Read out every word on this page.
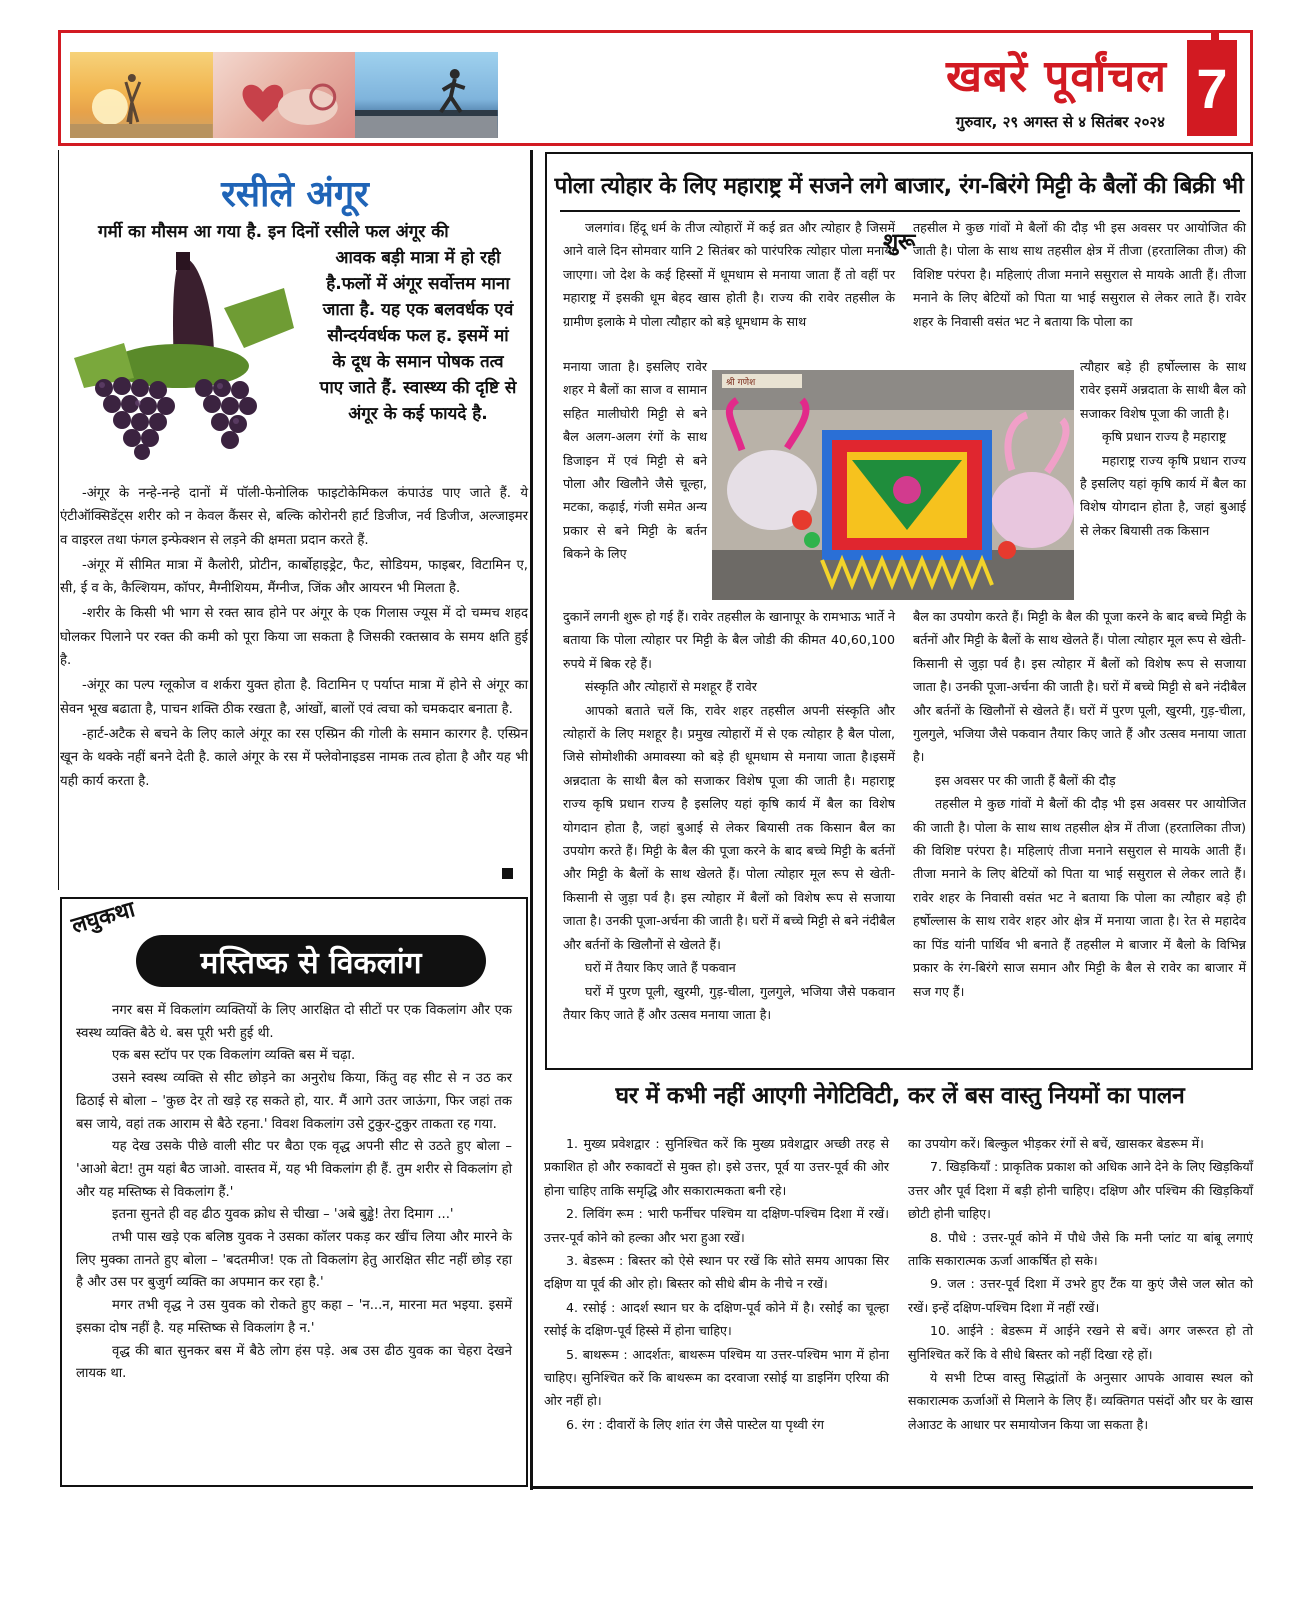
खबरें पूर्वांचल
गुरुवार, २९ अगस्त से ४ सितंबर २०२४
7
रसीले अंगूर
गर्मी का मौसम आ गया है. इन दिनों रसीले फल अंगूर की
आवक बड़ी मात्रा में हो रही है.फलों में अंगूर सर्वोत्तम माना जाता है. यह एक बलवर्धक एवं सौन्दर्यवर्धक फल ह. इसमें मां के दूध के समान पोषक तत्व पाए जाते हैं. स्वास्थ्य की दृष्टि से अंगूर के कई फायदे है.

-अंगूर के नन्हे-नन्हे दानों में पॉली-फेनोलिक फाइटोकेमिकल कंपाउंड पाए जाते हैं. ये एंटीऑक्सिडेंट्स शरीर को न केवल कैंसर से, बल्कि कोरोनरी हार्ट डिजीज, नर्व डिजीज, अल्जाइमर व वाइरल तथा फंगल इन्फेक्शन से लड़ने की क्षमता प्रदान करते हैं.

-अंगूर में सीमित मात्रा में कैलोरी, प्रोटीन, कार्बोहाइड्रेट, फैट, सोडियम, फाइबर, विटामिन ए, सी, ई व के, कैल्शियम, कॉपर, मैग्नीशियम, मैंग्नीज, जिंक और आयरन भी मिलता है.

-शरीर के किसी भी भाग से रक्त स्राव होने पर अंगूर के एक गिलास ज्यूस में दो चम्मच शहद घोलकर पिलाने पर रक्त की कमी को पूरा किया जा सकता है जिसकी रक्तस्राव के समय क्षति हुई है.

-अंगूर का पल्प ग्लूकोज व शर्करा युक्त होता है. विटामिन ए पर्याप्त मात्रा में होने से अंगूर का सेवन भूख बढाता है, पाचन शक्ति ठीक रखता है, आंखों, बालों एवं त्वचा को चमकदार बनाता है.

-हार्ट-अटैक से बचने के लिए काले अंगूर का रस एस्प्रिन की गोली के समान कारगर है. एस्प्रिन खून के थक्के नहीं बनने देती है. काले अंगूर के रस में फ्लेवोनाइडस नामक तत्व होता है और यह भी यही कार्य करता है.

लघुकथा
मस्तिष्क से विकलांग

नगर बस में विकलांग व्यक्तियों के लिए आरक्षित दो सीटों पर एक विकलांग और एक स्वस्थ व्यक्ति बैठे थे. बस पूरी भरी हुई थी.

एक बस स्टॉप पर एक विकलांग व्यक्ति बस में चढ़ा.

उसने स्वस्थ व्यक्ति से सीट छोड़ने का अनुरोध किया, किंतु वह सीट से न उठ कर ढिठाई से बोला – 'कुछ देर तो खड़े रह सकते हो, यार. मैं आगे उतर जाऊंगा, फिर जहां तक बस जाये, वहां तक आराम से बैठे रहना.' विवश विकलांग उसे टुकुर-टुकुर ताकता रह गया.

यह देख उसके पीछे वाली सीट पर बैठा एक वृद्ध अपनी सीट से उठते हुए बोला – 'आओ बेटा! तुम यहां बैठ जाओ. वास्तव में, यह भी विकलांग ही हैं. तुम शरीर से विकलांग हो और यह मस्तिष्क से विकलांग हैं.'

इतना सुनते ही वह ढीठ युवक क्रोध से चीखा – 'अबे बुड्ढे! तेरा दिमाग ...'

तभी पास खड़े एक बलिष्ठ युवक ने उसका कॉलर पकड़ कर खींच लिया और मारने के लिए मुक्का तानते हुए बोला – 'बदतमीज! एक तो विकलांग हेतु आरक्षित सीट नहीं छोड़ रहा है और उस पर बुजुर्ग व्यक्ति का अपमान कर रहा है.'

मगर तभी वृद्ध ने उस युवक को रोकते हुए कहा – 'न...न, मारना मत भइया. इसमें इसका दोष नहीं है. यह मस्तिष्क से विकलांग है न.'

वृद्ध की बात सुनकर बस में बैठे लोग हंस पड़े. अब उस ढीठ युवक का चेहरा देखने लायक था.

पोला त्योहार के लिए महाराष्ट्र में सजने लगे बाजार, रंग-बिरंगे मिट्टी के बैलों की बिक्री भी शुरू

जलगांव। हिंदू धर्म के तीज त्योहारों में कई व्रत और त्योहार है जिसमें आने वाले दिन सोमवार यानि 2 सितंबर को पारंपरिक त्योहार पोला मनाया जाएगा। जो देश के कई हिस्सों में धूमधाम से मनाया जाता हैं तो वहीं पर महाराष्ट्र में इसकी धूम बेहद खास होती है। राज्य की रावेर तहसील के ग्रामीण इलाके मे पोला त्यौहार को बड़े धूमधाम के साथ

मनाया जाता है। इसलिए रावेर शहर मे बैलों का साज व सामान सहित मालीघोरी मिट्टी से बने बैल अलग-अलग रंगों के साथ डिजाइन में एवं मिट्टी से बने पोला और खिलौने जैसे चूल्हा, मटका, कढ़ाई, गंजी समेत अन्य प्रकार से बने मिट्टी के बर्तन बिकने के लिए

दुकानें लगनी शुरू हो गई हैं। रावेर तहसील के खानापूर के रामभाऊ भार्ते ने बताया कि पोला त्योहार पर मिट्टी के बैल जोडी की कीमत 40,60,100 रुपये में बिक रहे हैं।

संस्कृति और त्योहारों से मशहूर हैं रावेर

आपको बताते चलें कि, रावेर शहर तहसील अपनी संस्कृति और त्योहारों के लिए मशहूर है। प्रमुख त्योहारों में से एक त्योहार है बैल पोला, जिसे सोमोशीकी अमावस्या को बड़े ही धूमधाम से मनाया जाता है।इसमें अन्नदाता के साथी बैल को सजाकर विशेष पूजा की जाती है। महाराष्ट्र राज्य कृषि प्रधान राज्य है इसलिए यहां कृषि कार्य में बैल का विशेष योगदान होता है, जहां बुआई से लेकर बियासी तक किसान बैल का उपयोग करते हैं। मिट्टी के बैल की पूजा करने के बाद बच्चे मिट्टी के बर्तनों और मिट्टी के बैलों के साथ खेलते हैं। पोला त्योहार मूल रूप से खेती-किसानी से जुड़ा पर्व है। इस त्योहार में बैलों को विशेष रूप से सजाया जाता है। उनकी पूजा-अर्चना की जाती है। घरों में बच्चे मिट्टी से बने नंदीबैल और बर्तनों के खिलौनों से खेलते हैं।

घरों में तैयार किए जाते हैं पकवान

घरों में पुरण पूली, खुरमी, गुड़-चीला, गुलगुले, भजिया जैसे पकवान तैयार किए जाते हैं और उत्सव मनाया जाता है।

तहसील मे कुछ गांवों मे बैलों की दौड़ भी इस अवसर पर आयोजित की जाती है। पोला के साथ साथ तहसील क्षेत्र में तीजा (हरतालिका तीज) की विशिष्ट परंपरा है। महिलाएं तीजा मनाने ससुराल से मायके आती हैं। तीजा मनाने के लिए बेटियों को पिता या भाई ससुराल से लेकर लाते हैं। रावेर शहर के निवासी वसंत भट ने बताया कि पोला का

त्यौहार बड़े ही हर्षोल्लास के साथ रावेर इसमें अन्नदाता के साथी बैल को सजाकर विशेष पूजा की जाती है।

कृषि प्रधान राज्य है महाराष्ट्र

महाराष्ट्र राज्य कृषि प्रधान राज्य है इसलिए यहां कृषि कार्य में बैल का विशेष योगदान होता है, जहां बुआई से लेकर बियासी तक किसान

बैल का उपयोग करते हैं। मिट्टी के बैल की पूजा करने के बाद बच्चे मिट्टी के बर्तनों और मिट्टी के बैलों के साथ खेलते हैं। पोला त्योहार मूल रूप से खेती-किसानी से जुड़ा पर्व है। इस त्योहार में बैलों को विशेष रूप से सजाया जाता है। उनकी पूजा-अर्चना की जाती है। घरों में बच्चे मिट्टी से बने नंदीबैल और बर्तनों के खिलौनों से खेलते हैं। घरों में पुरण पूली, खुरमी, गुड़-चीला, गुलगुले, भजिया जैसे पकवान तैयार किए जाते हैं और उत्सव मनाया जाता है।

इस अवसर पर की जाती हैं बैलों की दौड़

तहसील मे कुछ गांवों मे बैलों की दौड़ भी इस अवसर पर आयोजित की जाती है। पोला के साथ साथ तहसील क्षेत्र में तीजा (हरतालिका तीज) की विशिष्ट परंपरा है। महिलाएं तीजा मनाने ससुराल से मायके आती हैं। तीजा मनाने के लिए बेटियों को पिता या भाई ससुराल से लेकर लाते हैं। रावेर शहर के निवासी वसंत भट ने बताया कि पोला का त्यौहार बड़े ही हर्षोल्लास के साथ रावेर शहर ओर क्षेत्र में मनाया जाता है। रेत से महादेव का पिंड यांनी पार्थिव भी बनाते हैं तहसील मे बाजार में बैलो के विभिन्न प्रकार के रंग-बिरंगे साज समान और मिट्टी के बैल से रावेर का बाजार में सज गए हैं।

श्री गणेश
घर में कभी नहीं आएगी नेगेटिविटी, कर लें बस वास्तु नियमों का पालन

1. मुख्य प्रवेशद्वार : सुनिश्चित करें कि मुख्य प्रवेशद्वार अच्छी तरह से प्रकाशित हो और रुकावटों से मुक्त हो। इसे उत्तर, पूर्व या उत्तर-पूर्व की ओर होना चाहिए ताकि समृद्धि और सकारात्मकता बनी रहे।

2. लिविंग रूम : भारी फर्नीचर पश्चिम या दक्षिण-पश्चिम दिशा में रखें। उत्तर-पूर्व कोने को हल्का और भरा हुआ रखें।

3. बेडरूम : बिस्तर को ऐसे स्थान पर रखें कि सोते समय आपका सिर दक्षिण या पूर्व की ओर हो। बिस्तर को सीधे बीम के नीचे न रखें।

4. रसोई : आदर्श स्थान घर के दक्षिण-पूर्व कोने में है। रसोई का चूल्हा रसोई के दक्षिण-पूर्व हिस्से में होना चाहिए।

5. बाथरूम : आदर्शतः, बाथरूम पश्चिम या उत्तर-पश्चिम भाग में होना चाहिए। सुनिश्चित करें कि बाथरूम का दरवाजा रसोई या डाइनिंग एरिया की ओर नहीं हो।

6. रंग : दीवारों के लिए शांत रंग जैसे पास्टेल या पृथ्वी रंग

का उपयोग करें। बिल्कुल भीड़कर रंगों से बचें, खासकर बेडरूम में।

7. खिड़कियाँ : प्राकृतिक प्रकाश को अधिक आने देने के लिए खिड़कियाँ उत्तर और पूर्व दिशा में बड़ी होनी चाहिए। दक्षिण और पश्चिम की खिड़कियाँ छोटी होनी चाहिए।

8. पौधे : उत्तर-पूर्व कोने में पौधे जैसे कि मनी प्लांट या बांबू लगाएं ताकि सकारात्मक ऊर्जा आकर्षित हो सके।

9. जल : उत्तर-पूर्व दिशा में उभरे हुए टैंक या कुएं जैसे जल स्रोत को रखें। इन्हें दक्षिण-पश्चिम दिशा में नहीं रखें।

10. आईने : बेडरूम में आईने रखने से बचें। अगर जरूरत हो तो सुनिश्चित करें कि वे सीधे बिस्तर को नहीं दिखा रहे हों।

ये सभी टिप्स वास्तु सिद्धांतों के अनुसार आपके आवास स्थल को सकारात्मक ऊर्जाओं से मिलाने के लिए हैं। व्यक्तिगत पसंदों और घर के खास लेआउट के आधार पर समायोजन किया जा सकता है।
